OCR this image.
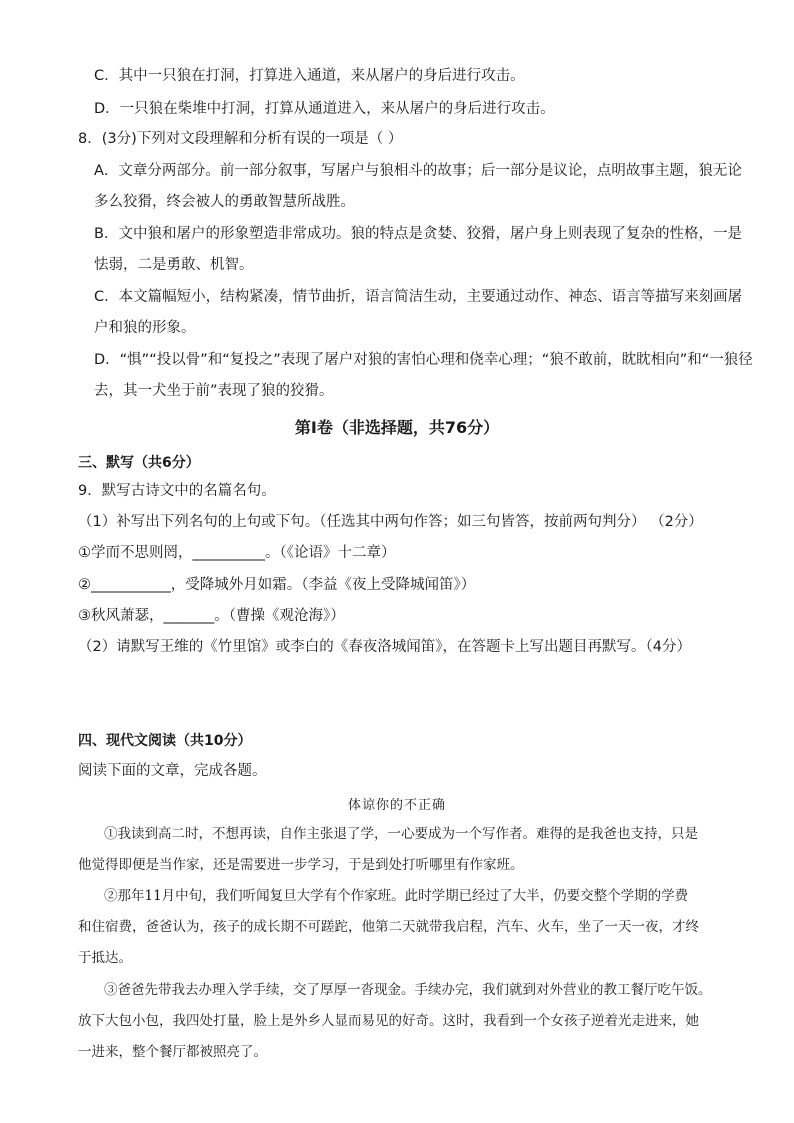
C．其中一只狼在打洞，打算进入通道，来从屠户的身后进行攻击。
D．一只狼在柴堆中打洞，打算从通道进入，来从屠户的身后进行攻击。
8．(3分)下列对文段理解和分析有误的一项是（ ）
A．文章分两部分。前一部分叙事，写屠户与狼相斗的故事；后一部分是议论，点明故事主题，狼无论
多么狡猾，终会被人的勇敢智慧所战胜。
B．文中狼和屠户的形象塑造非常成功。狼的特点是贪婪、狡猾，屠户身上则表现了复杂的性格，一是
怯弱，二是勇敢、机智。
C．本文篇幅短小，结构紧凑，情节曲折，语言简洁生动，主要通过动作、神态、语言等描写来刻画屠
户和狼的形象。
D．“惧”“投以骨”和“复投之”表现了屠户对狼的害怕心理和侥幸心理；“狼不敢前，眈眈相向”和“一狼径
去，其一犬坐于前”表现了狼的狡猾。
第Ⅰ卷（非选择题，共76分）
三、默写（共6分）
9．默写古诗文中的名篇名句。
（1）补写出下列名句的上句或下句。（任选其中两句作答；如三句皆答，按前两句判分） （2分）
①学而不思则罔，__________。（《论语》十二章）
②___________，受降城外月如霜。（李益《夜上受降城闻笛》）
③秋风萧瑟，_______。（曹操《观沧海》）
（2）请默写王维的《竹里馆》或李白的《春夜洛城闻笛》，在答题卡上写出题目再默写。（4分）
四、现代文阅读（共10分）
阅读下面的文章，完成各题。
体谅你的不正确
①我读到高二时，不想再读，自作主张退了学，一心要成为一个写作者。难得的是我爸也支持，只是
他觉得即便是当作家，还是需要进一步学习，于是到处打听哪里有作家班。
②那年11月中旬，我们听闻复旦大学有个作家班。此时学期已经过了大半，仍要交整个学期的学费
和住宿费，爸爸认为，孩子的成长期不可蹉跎，他第二天就带我启程，汽车、火车，坐了一天一夜，才终
于抵达。
③爸爸先带我去办理入学手续，交了厚厚一沓现金。手续办完，我们就到对外营业的教工餐厅吃午饭。
放下大包小包，我四处打量，脸上是外乡人显而易见的好奇。这时，我看到一个女孩子逆着光走进来，她
一进来，整个餐厅都被照亮了。
